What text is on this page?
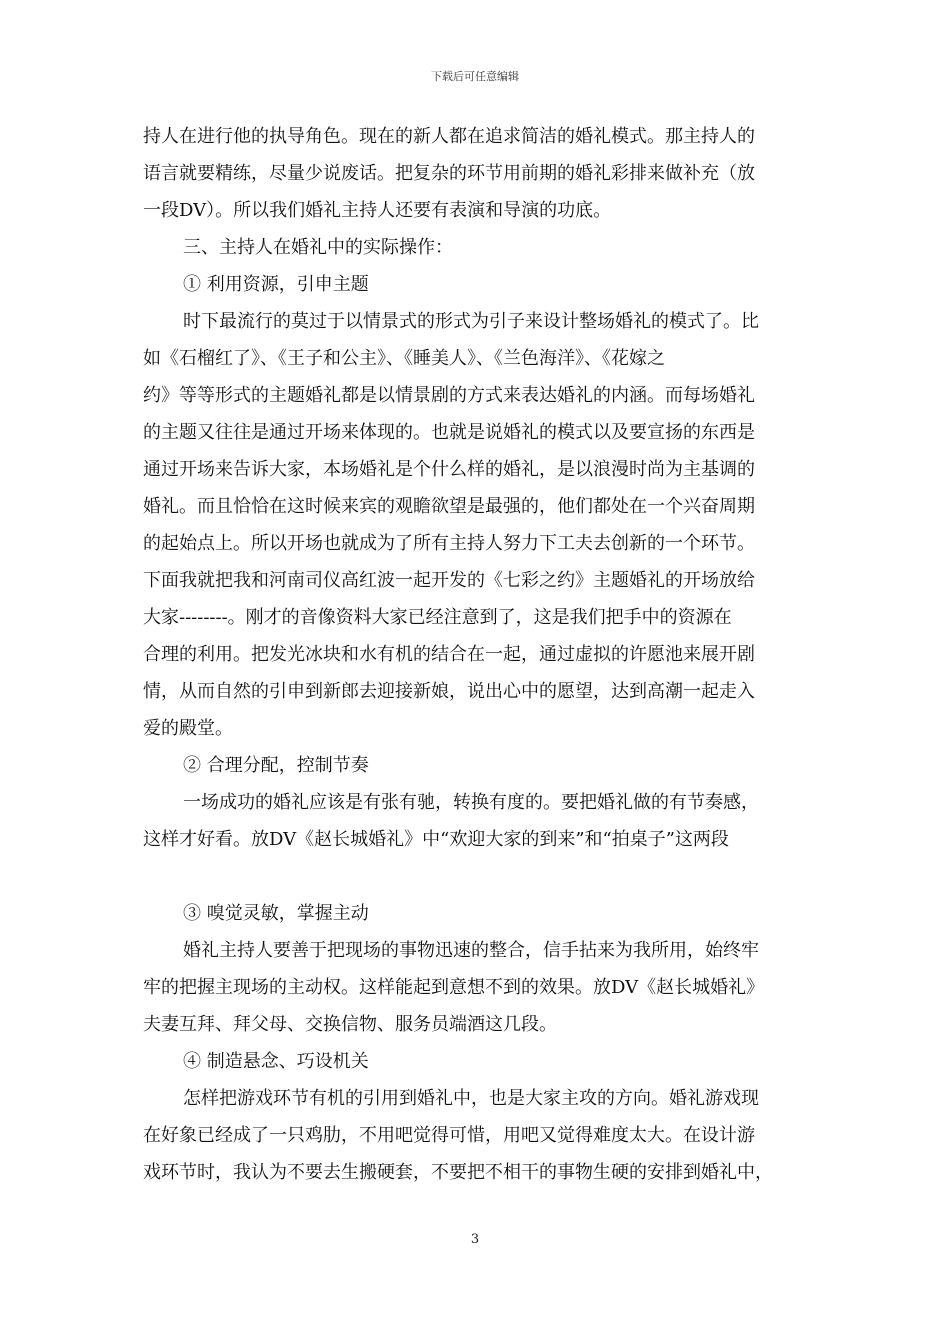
下载后可任意编辑
持人在进行他的执导角色。现在的新人都在追求简洁的婚礼模式。那主持人的
语言就要精练，尽量少说废话。把复杂的环节用前期的婚礼彩排来做补充（放
一段DV）。所以我们婚礼主持人还要有表演和导演的功底。
三、主持人在婚礼中的实际操作：
① 利用资源，引申主题
时下最流行的莫过于以情景式的形式为引子来设计整场婚礼的模式了。比
如《石榴红了》、《王子和公主》、《睡美人》、《兰色海洋》、《花嫁之
约》等等形式的主题婚礼都是以情景剧的方式来表达婚礼的内涵。而每场婚礼
的主题又往往是通过开场来体现的。也就是说婚礼的模式以及要宣扬的东西是
通过开场来告诉大家，本场婚礼是个什么样的婚礼，是以浪漫时尚为主基调的
婚礼。而且恰恰在这时候来宾的观瞻欲望是最强的，他们都处在一个兴奋周期
的起始点上。所以开场也就成为了所有主持人努力下工夫去创新的一个环节。
下面我就把我和河南司仪高红波一起开发的《七彩之约》主题婚礼的开场放给
大家--------。刚才的音像资料大家已经注意到了，这是我们把手中的资源在
合理的利用。把发光冰块和水有机的结合在一起，通过虚拟的许愿池来展开剧
情，从而自然的引申到新郎去迎接新娘，说出心中的愿望，达到高潮一起走入
爱的殿堂。
② 合理分配，控制节奏
一场成功的婚礼应该是有张有驰，转换有度的。要把婚礼做的有节奏感，
这样才好看。放DV《赵长城婚礼》中“欢迎大家的到来”和“拍桌子”这两段
③ 嗅觉灵敏，掌握主动
婚礼主持人要善于把现场的事物迅速的整合，信手拈来为我所用，始终牢
牢的把握主现场的主动权。这样能起到意想不到的效果。放DV《赵长城婚礼》
夫妻互拜、拜父母、交换信物、服务员端酒这几段。
④ 制造悬念、巧设机关
怎样把游戏环节有机的引用到婚礼中，也是大家主攻的方向。婚礼游戏现
在好象已经成了一只鸡肋，不用吧觉得可惜，用吧又觉得难度太大。在设计游
戏环节时，我认为不要去生搬硬套，不要把不相干的事物生硬的安排到婚礼中，
3
